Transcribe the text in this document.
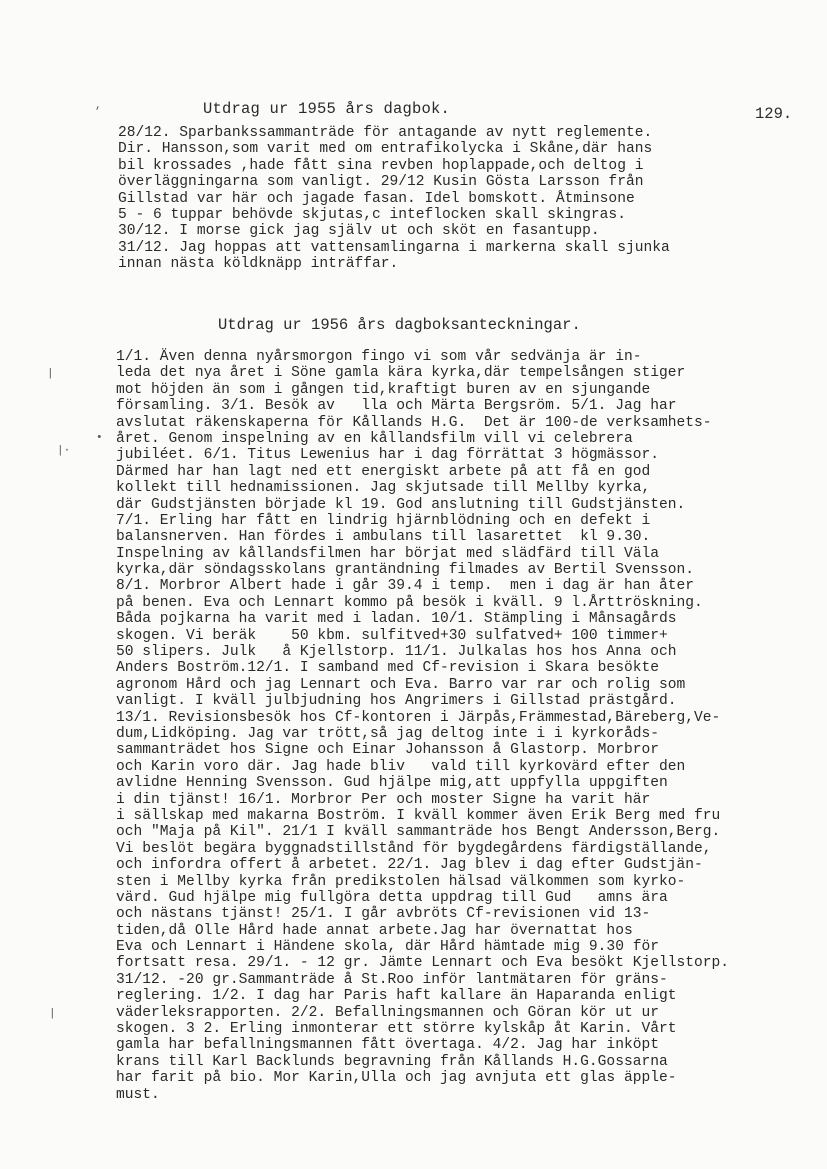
Utdrag ur 1955 års dagbok.	129.
,
|
•
|·
|
28/12. Sparbankssammanträde för antagande av nytt reglemente.
Dir. Hansson,som varit med om entrafikolycka i Skåne,där hans
bil krossades ,hade fått sina revben hoplappade,och deltog i
överläggningarna som vanligt. 29/12 Kusin Gösta Larsson från
Gillstad var här och jagade fasan. Idel bomskott. Åtminsone
5 - 6 tuppar behövde skjutas,c inteflocken skall skingras.
30/12. I morse gick jag själv ut och sköt en fasantupp.
31/12. Jag hoppas att vattensamlingarna i markerna skall sjunka
innan nästa köldknäpp inträffar.
Utdrag ur 1956 års dagboksanteckningar.
1/1. Även denna nyårsmorgon fingo vi som vår sedvänja är in-
leda det nya året i Söne gamla kära kyrka,där tempelsången stiger
mot höjden än som i gången tid,kraftigt buren av en sjungande
församling. 3/1. Besök av   lla och Märta Bergsröm. 5/1. Jag har
avslutat räkenskaperna för Kållands H.G.  Det är 100-de verksamhets-
året. Genom inspelning av en kållandsfilm vill vi celebrera
jubiléet. 6/1. Titus Lewenius har i dag förrättat 3 högmässor.
Därmed har han lagt ned ett energiskt arbete på att få en god
kollekt till hednamissionen. Jag skjutsade till Mellby kyrka,
där Gudstjänsten började kl 19. God anslutning till Gudstjänsten.
7/1. Erling har fått en lindrig hjärnblödning och en defekt i
balansnerven. Han fördes i ambulans till lasarettet  kl 9.30.
Inspelning av kållandsfilmen har börjat med slädfärd till Väla
kyrka,där söndagsskolans grantändning filmades av Bertil Svensson.
8/1. Morbror Albert hade i går 39.4 i temp.  men i dag är han åter
på benen. Eva och Lennart kommo på besök i kväll. 9 l.Årttröskning.
Båda pojkarna ha varit med i ladan. 10/1. Stämpling i Månsagårds
skogen. Vi beräk    50 kbm. sulfitved+30 sulfatved+ 100 timmer+
50 slipers. Julk   å Kjellstorp. 11/1. Julkalas hos hos Anna och
Anders Boström.12/1. I samband med Cf-revision i Skara besökte
agronom Hård och jag Lennart och Eva. Barro var rar och rolig som
vanligt. I kväll julbjudning hos Angrimers i Gillstad prästgård.
13/1. Revisionsbesök hos Cf-kontoren i Järpås,Främmestad,Bäreberg,Ve-
dum,Lidköping. Jag var trött,så jag deltog inte i i kyrkoråds-
sammanträdet hos Signe och Einar Johansson å Glastorp. Morbror
och Karin voro där. Jag hade bliv   vald till kyrkovärd efter den
avlidne Henning Svensson. Gud hjälpe mig,att uppfylla uppgiften
i din tjänst! 16/1. Morbror Per och moster Signe ha varit här
i sällskap med makarna Boström. I kväll kommer även Erik Berg med fru
och "Maja på Kil". 21/1 I kväll sammanträde hos Bengt Andersson,Berg.
Vi beslöt begära byggnadstillstånd för bygdegårdens färdigställande,
och infordra offert å arbetet. 22/1. Jag blev i dag efter Gudstjän-
sten i Mellby kyrka från predikstolen hälsad välkommen som kyrko-
värd. Gud hjälpe mig fullgöra detta uppdrag till Gud   amns ära
och nästans tjänst! 25/1. I går avbröts Cf-revisionen vid 13-
tiden,då Olle Hård hade annat arbete.Jag har övernattat hos
Eva och Lennart i Händene skola, där Hård hämtade mig 9.30 för
fortsatt resa. 29/1. - 12 gr. Jämte Lennart och Eva besökt Kjellstorp.
31/12. -20 gr.Sammanträde å St.Roo inför lantmätaren för gräns-
reglering. 1/2. I dag har Paris haft kallare än Haparanda enligt
väderleksrapporten. 2/2. Befallningsmannen och Göran kör ut ur
skogen. 3 2. Erling inmonterar ett större kylskåp åt Karin. Vårt
gamla har befallningsmannen fått övertaga. 4/2. Jag har inköpt
krans till Karl Backlunds begravning från Kållands H.G.Gossarna
har farit på bio. Mor Karin,Ulla och jag avnjuta ett glas äpple-
must.
